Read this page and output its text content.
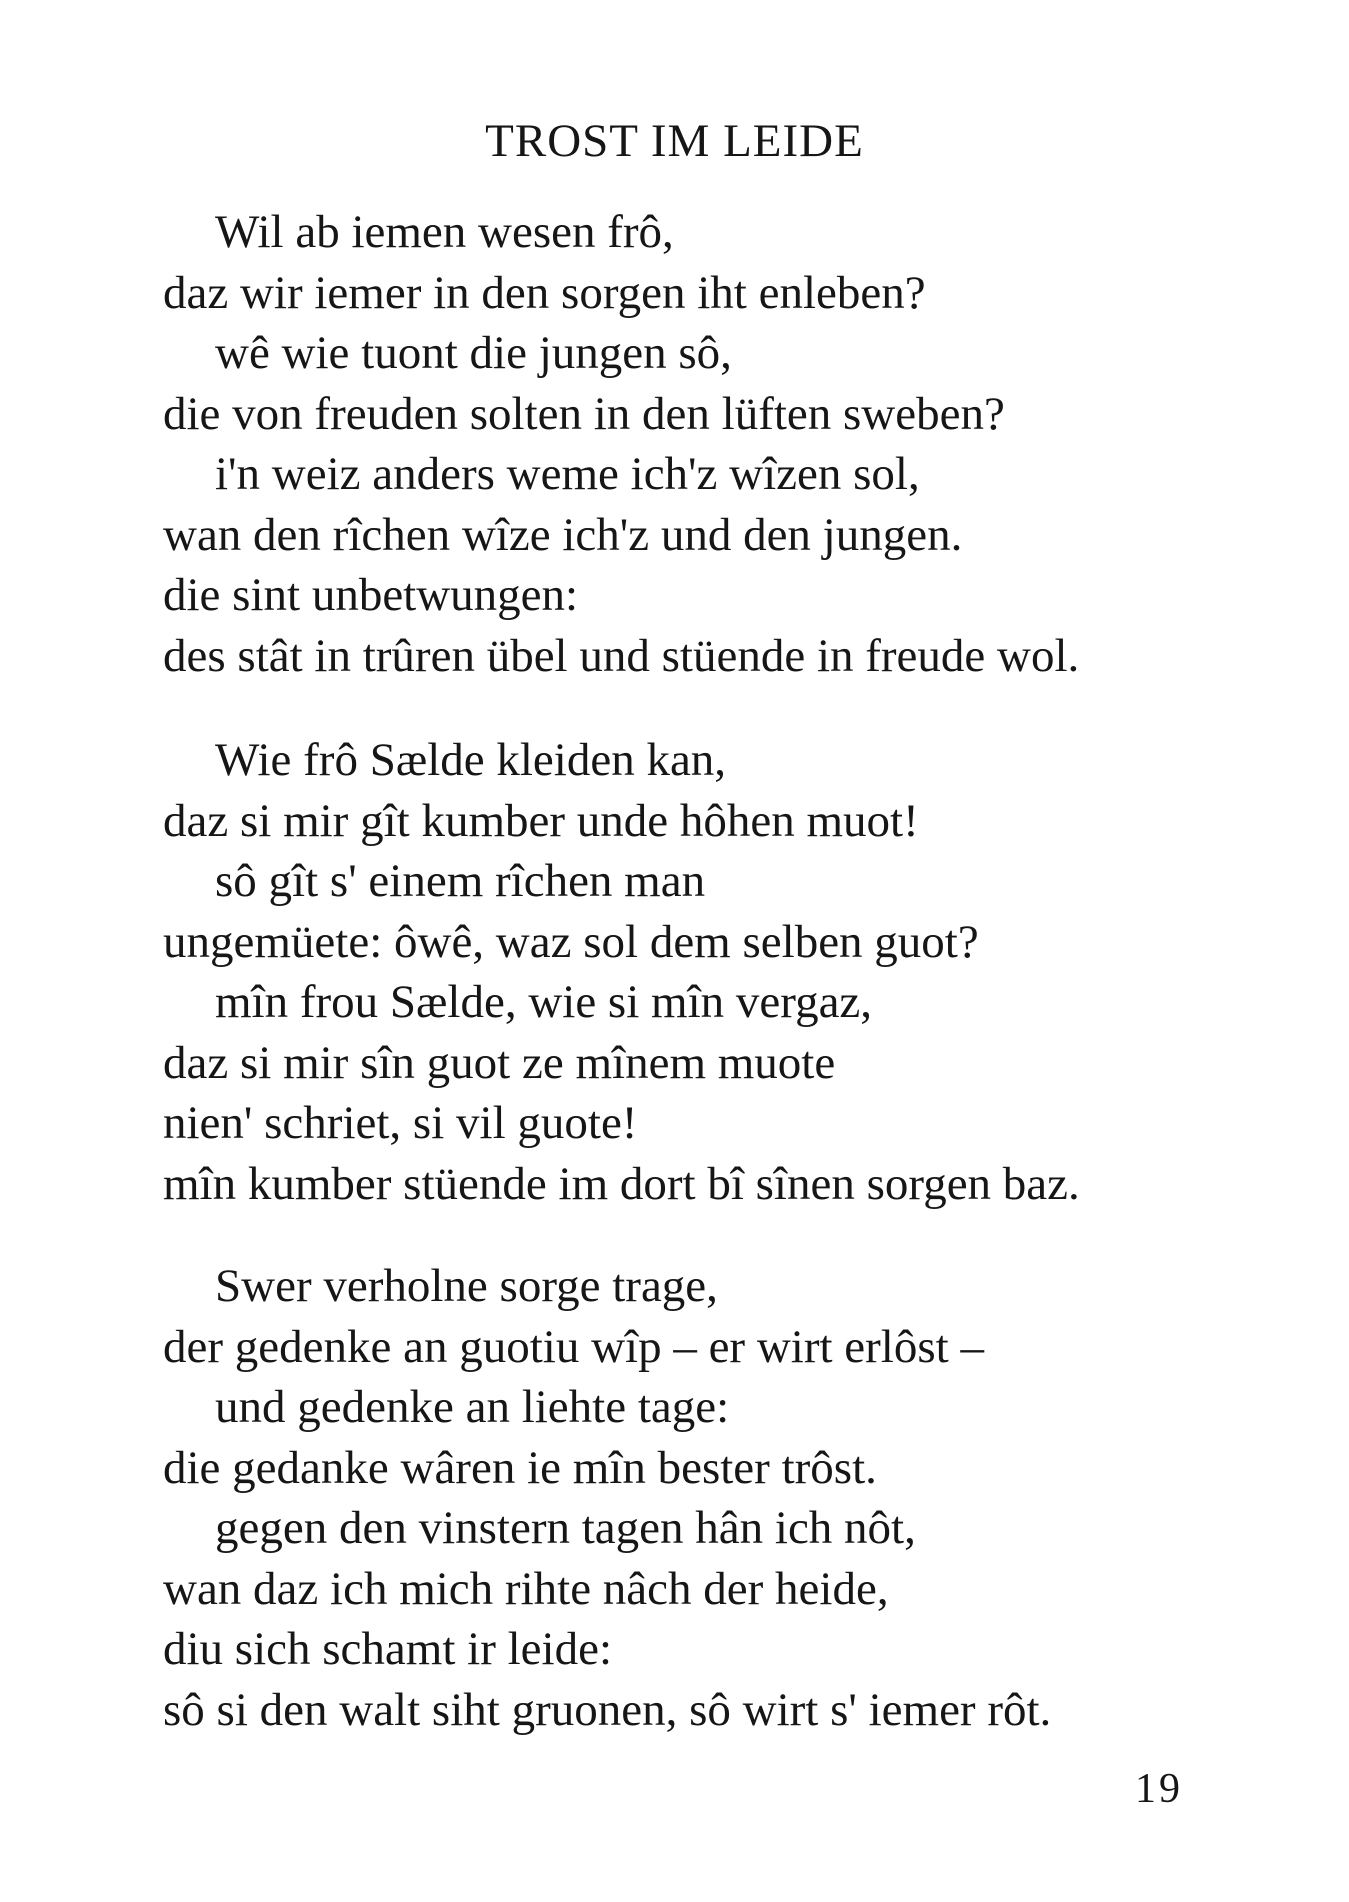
TROST IM LEIDE

Wil ab iemen wesen frô,

daz wir iemer in den sorgen iht enleben?

wê wie tuont die jungen sô,

die von freuden solten in den lüften sweben?

i'n weiz anders weme ich'z wîzen sol,

wan den rîchen wîze ich'z und den jungen.

die sint unbetwungen:

des stât in trûren übel und stüende in freude wol.

Wie frô Sælde kleiden kan,

daz si mir gît kumber unde hôhen muot!

sô gît s' einem rîchen man

ungemüete: ôwê, waz sol dem selben guot?

mîn frou Sælde, wie si mîn vergaz,

daz si mir sîn guot ze mînem muote

nien' schriet, si vil guote!

mîn kumber stüende im dort bî sînen sorgen baz.

Swer verholne sorge trage,

der gedenke an guotiu wîp – er wirt erlôst –

und gedenke an liehte tage:

die gedanke wâren ie mîn bester trôst.

gegen den vinstern tagen hân ich nôt,

wan daz ich mich rihte nâch der heide,

diu sich schamt ir leide:

sô si den walt siht gruonen, sô wirt s' iemer rôt.

19
